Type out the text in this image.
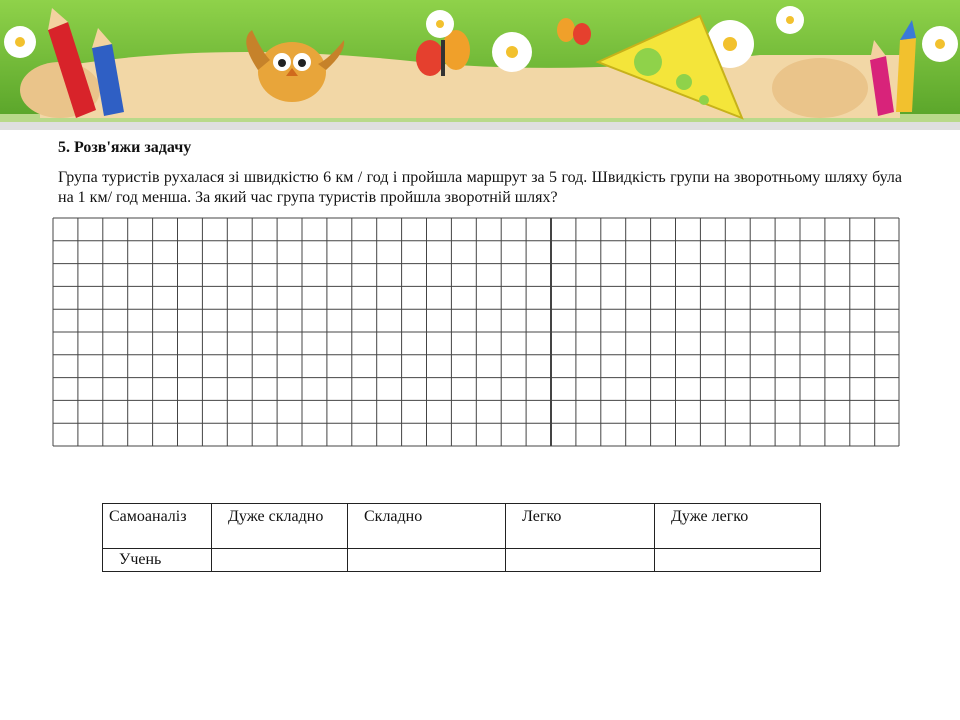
5. Розв'яжи задачу

Група туристів рухалася зі швидкістю 6 км / год і пройшла маршрут за 5 год. Швидкість групи на зворотньому шляху була на 1 км/ год менша. За який час група туристів пройшла зворотній шлях?

Самоаналіз	Дуже складно	Складно	Легко	Дуже легко
Учень				
